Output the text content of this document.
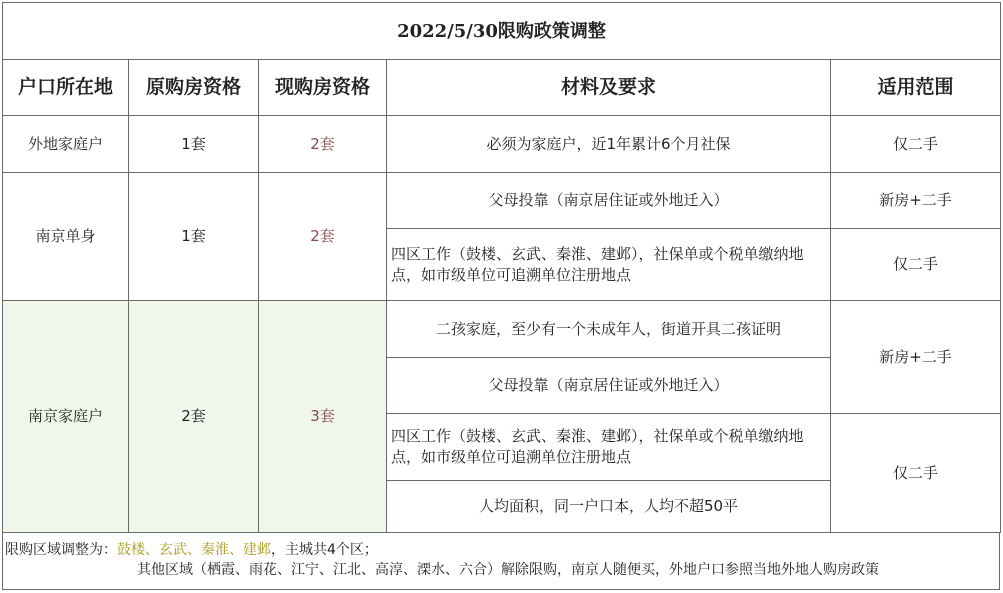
2022/5/30限购政策调整				
户口所在地	原购房资格	现购房资格	材料及要求	适用范围
外地家庭户	1套	2套	必须为家庭户，近1年累计6个月社保	仅二手
南京单身	1套	2套	父母投靠（南京居住证或外地迁入）	新房+二手
			四区工作（鼓楼、玄武、秦淮、建邺），社保单或个税单缴纳地点，如市级单位可追溯单位注册地点	仅二手
南京家庭户	2套	3套	二孩家庭，至少有一个未成年人，街道开具二孩证明	新房+二手
			父母投靠（南京居住证或外地迁入）	
			四区工作（鼓楼、玄武、秦淮、建邺），社保单或个税单缴纳地点，如市级单位可追溯单位注册地点	仅二手
			人均面积，同一户口本，人均不超50平	
限购区域调整为：鼓楼、玄武、秦淮、建邺，主城共4个区；
其他区域（栖霞、雨花、江宁、江北、高淳、溧水、六合）解除限购，南京人随便买，外地户口参照当地外地人购房政策
